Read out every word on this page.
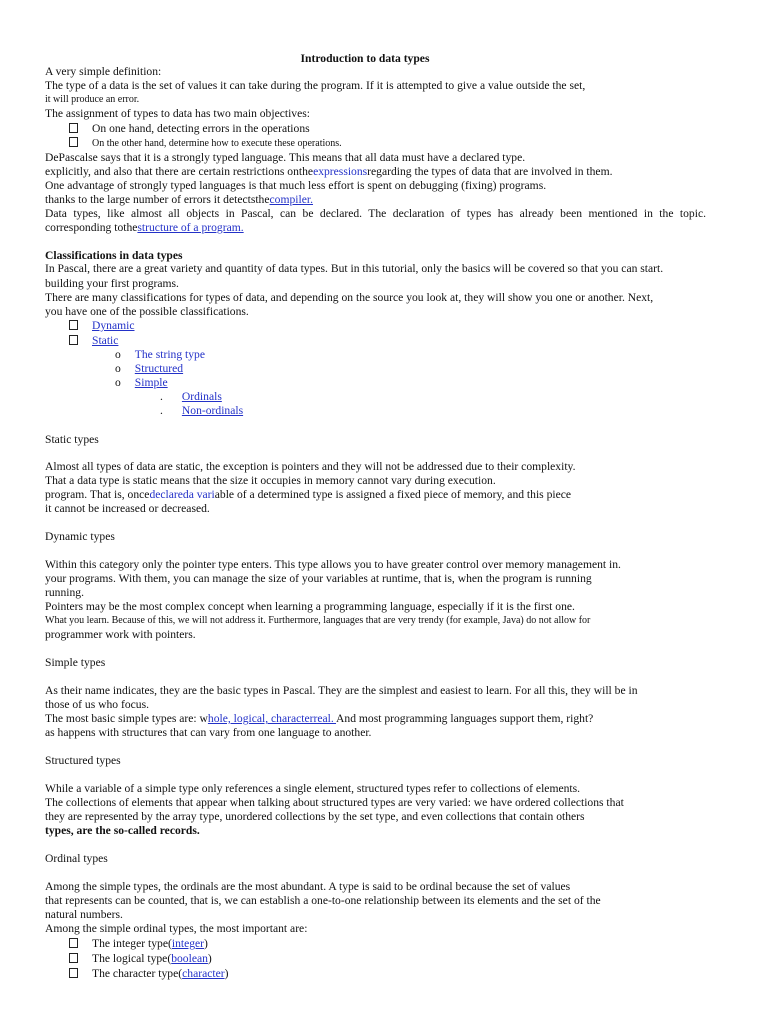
Introduction to data types
A very simple definition:
The type of a data is the set of values it can take during the program. If it is attempted to give a value outside the set,
it will produce an error.
The assignment of types to data has two main objectives:
On one hand, detecting errors in the operations
On the other hand, determine how to execute these operations.
DePascalse says that it is a strongly typed language. This means that all data must have a declared type.
explicitly, and also that there are certain restrictions ontheexpressionsregarding the types of data that are involved in them.
One advantage of strongly typed languages is that much less effort is spent on debugging (fixing) programs.
thanks to the large number of errors it detectsthecompiler.
Data types, like almost all objects in Pascal, can be declared. The declaration of types has already been mentioned in the topic.
corresponding tothestructure of a program.
Classifications in data types
In Pascal, there are a great variety and quantity of data types. But in this tutorial, only the basics will be covered so that you can start.
building your first programs.
There are many classifications for types of data, and depending on the source you look at, they will show you one or another. Next,
you have one of the possible classifications.
Dynamic
Static
o The string type
o Structured
o Simple
. Ordinals
. Non-ordinals
Static types
Almost all types of data are static, the exception is pointers and they will not be addressed due to their complexity.
That a data type is static means that the size it occupies in memory cannot vary during execution.
program. That is, oncedeclareda variable of a determined type is assigned a fixed piece of memory, and this piece
it cannot be increased or decreased.
Dynamic types
Within this category only the pointer type enters. This type allows you to have greater control over memory management in.
your programs. With them, you can manage the size of your variables at runtime, that is, when the program is running
running.
Pointers may be the most complex concept when learning a programming language, especially if it is the first one.
What you learn. Because of this, we will not address it. Furthermore, languages that are very trendy (for example, Java) do not allow for
programmer work with pointers.
Simple types
As their name indicates, they are the basic types in Pascal. They are the simplest and easiest to learn. For all this, they will be in
those of us who focus.
The most basic simple types are: whole, logical, characterreal. And most programming languages support them, right?
as happens with structures that can vary from one language to another.
Structured types
While a variable of a simple type only references a single element, structured types refer to collections of elements.
The collections of elements that appear when talking about structured types are very varied: we have ordered collections that
they are represented by the array type, unordered collections by the set type, and even collections that contain others
types, are the so-called records.
Ordinal types
Among the simple types, the ordinals are the most abundant. A type is said to be ordinal because the set of values
that represents can be counted, that is, we can establish a one-to-one relationship between its elements and the set of the
natural numbers.
Among the simple ordinal types, the most important are:
The integer type(integer)
The logical type(boolean)
The character type(character)
